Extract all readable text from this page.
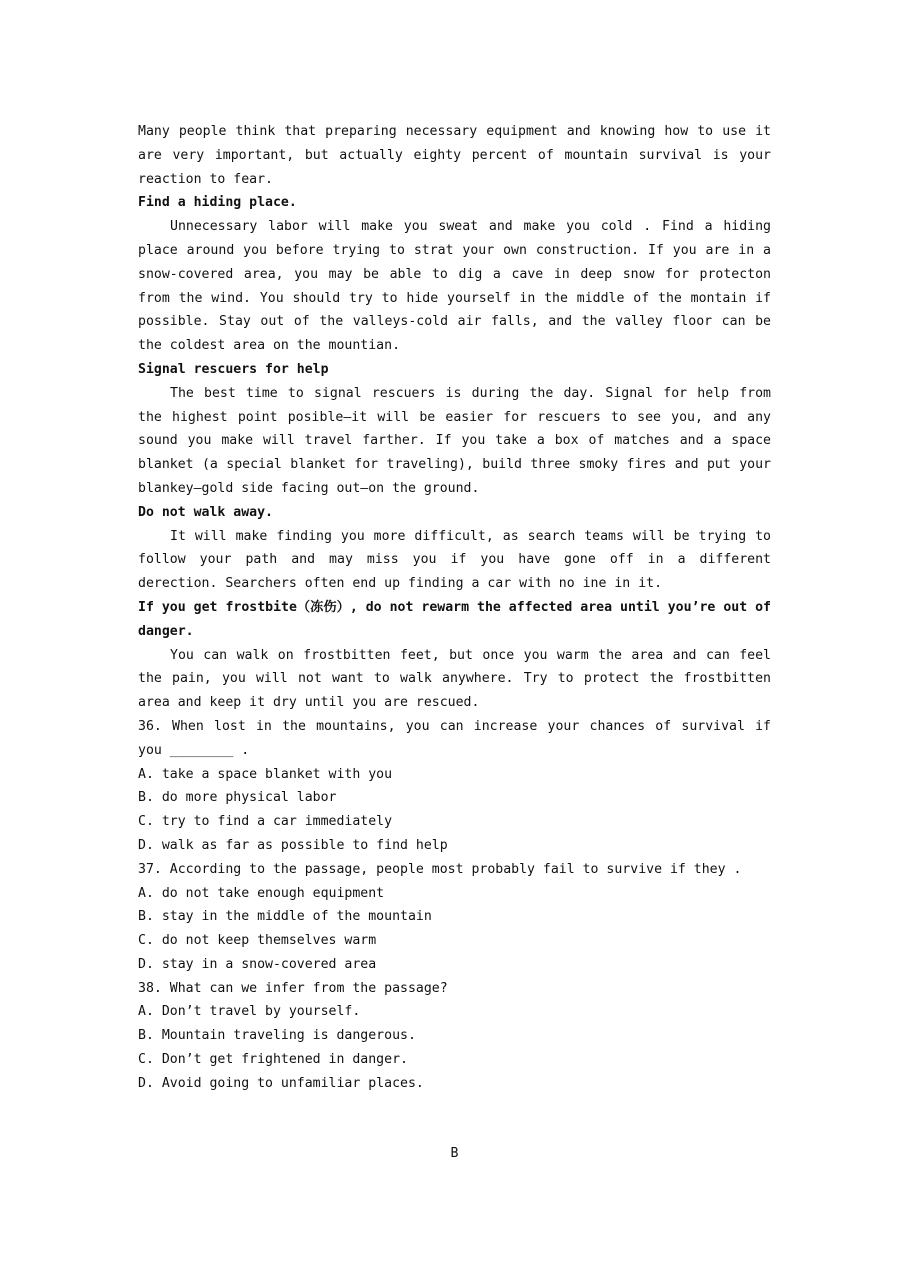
Many people think that preparing necessary equipment and knowing how to use it are very important, but actually eighty percent of mountain survival is your reaction to fear.

Find a hiding place.

Unnecessary labor will make you sweat and make you cold . Find a hiding place around you before trying to strat your own construction. If you are in a snow-covered area, you may be able to dig a cave in deep snow for protecton from the wind. You should try to hide yourself in the middle of the montain if possible. Stay out of the valleys-cold air falls, and the valley floor can be the coldest area on the mountian.

Signal rescuers for help

The best time to signal rescuers is during the day. Signal for help from the highest point posible—it will be easier for rescuers to see you, and any sound you make will travel farther. If you take a box of matches and a space blanket (a special blanket for traveling), build three smoky fires and put your blankey—gold side facing out—on the ground.

Do not walk away.

It will make finding you more difficult, as search teams will be trying to follow your path and may miss you if you have gone off in a different derection. Searchers often end up finding a car with no ine in it.

If you get frostbite（冻伤）, do not rewarm the affected area until you’re out of danger.

You can walk on frostbitten feet, but once you warm the area and can feel the pain, you will not want to walk anywhere. Try to protect the frostbitten area and keep it dry until you are rescued.

36. When lost in the mountains, you can increase your chances of survival if you ________ .

A. take a space blanket with you

B. do more physical labor

C. try to find a car immediately

D. walk as far as possible to find help

37. According to the passage, people most probably fail to survive if they .

A. do not take enough equipment

B. stay in the middle of the mountain

C. do not keep themselves warm

D. stay in a snow-covered area

38. What can we infer from the passage?

A. Don’t travel by yourself.

B. Mountain traveling is dangerous.

C. Don’t get frightened in danger.

D. Avoid going to unfamiliar places.

B
